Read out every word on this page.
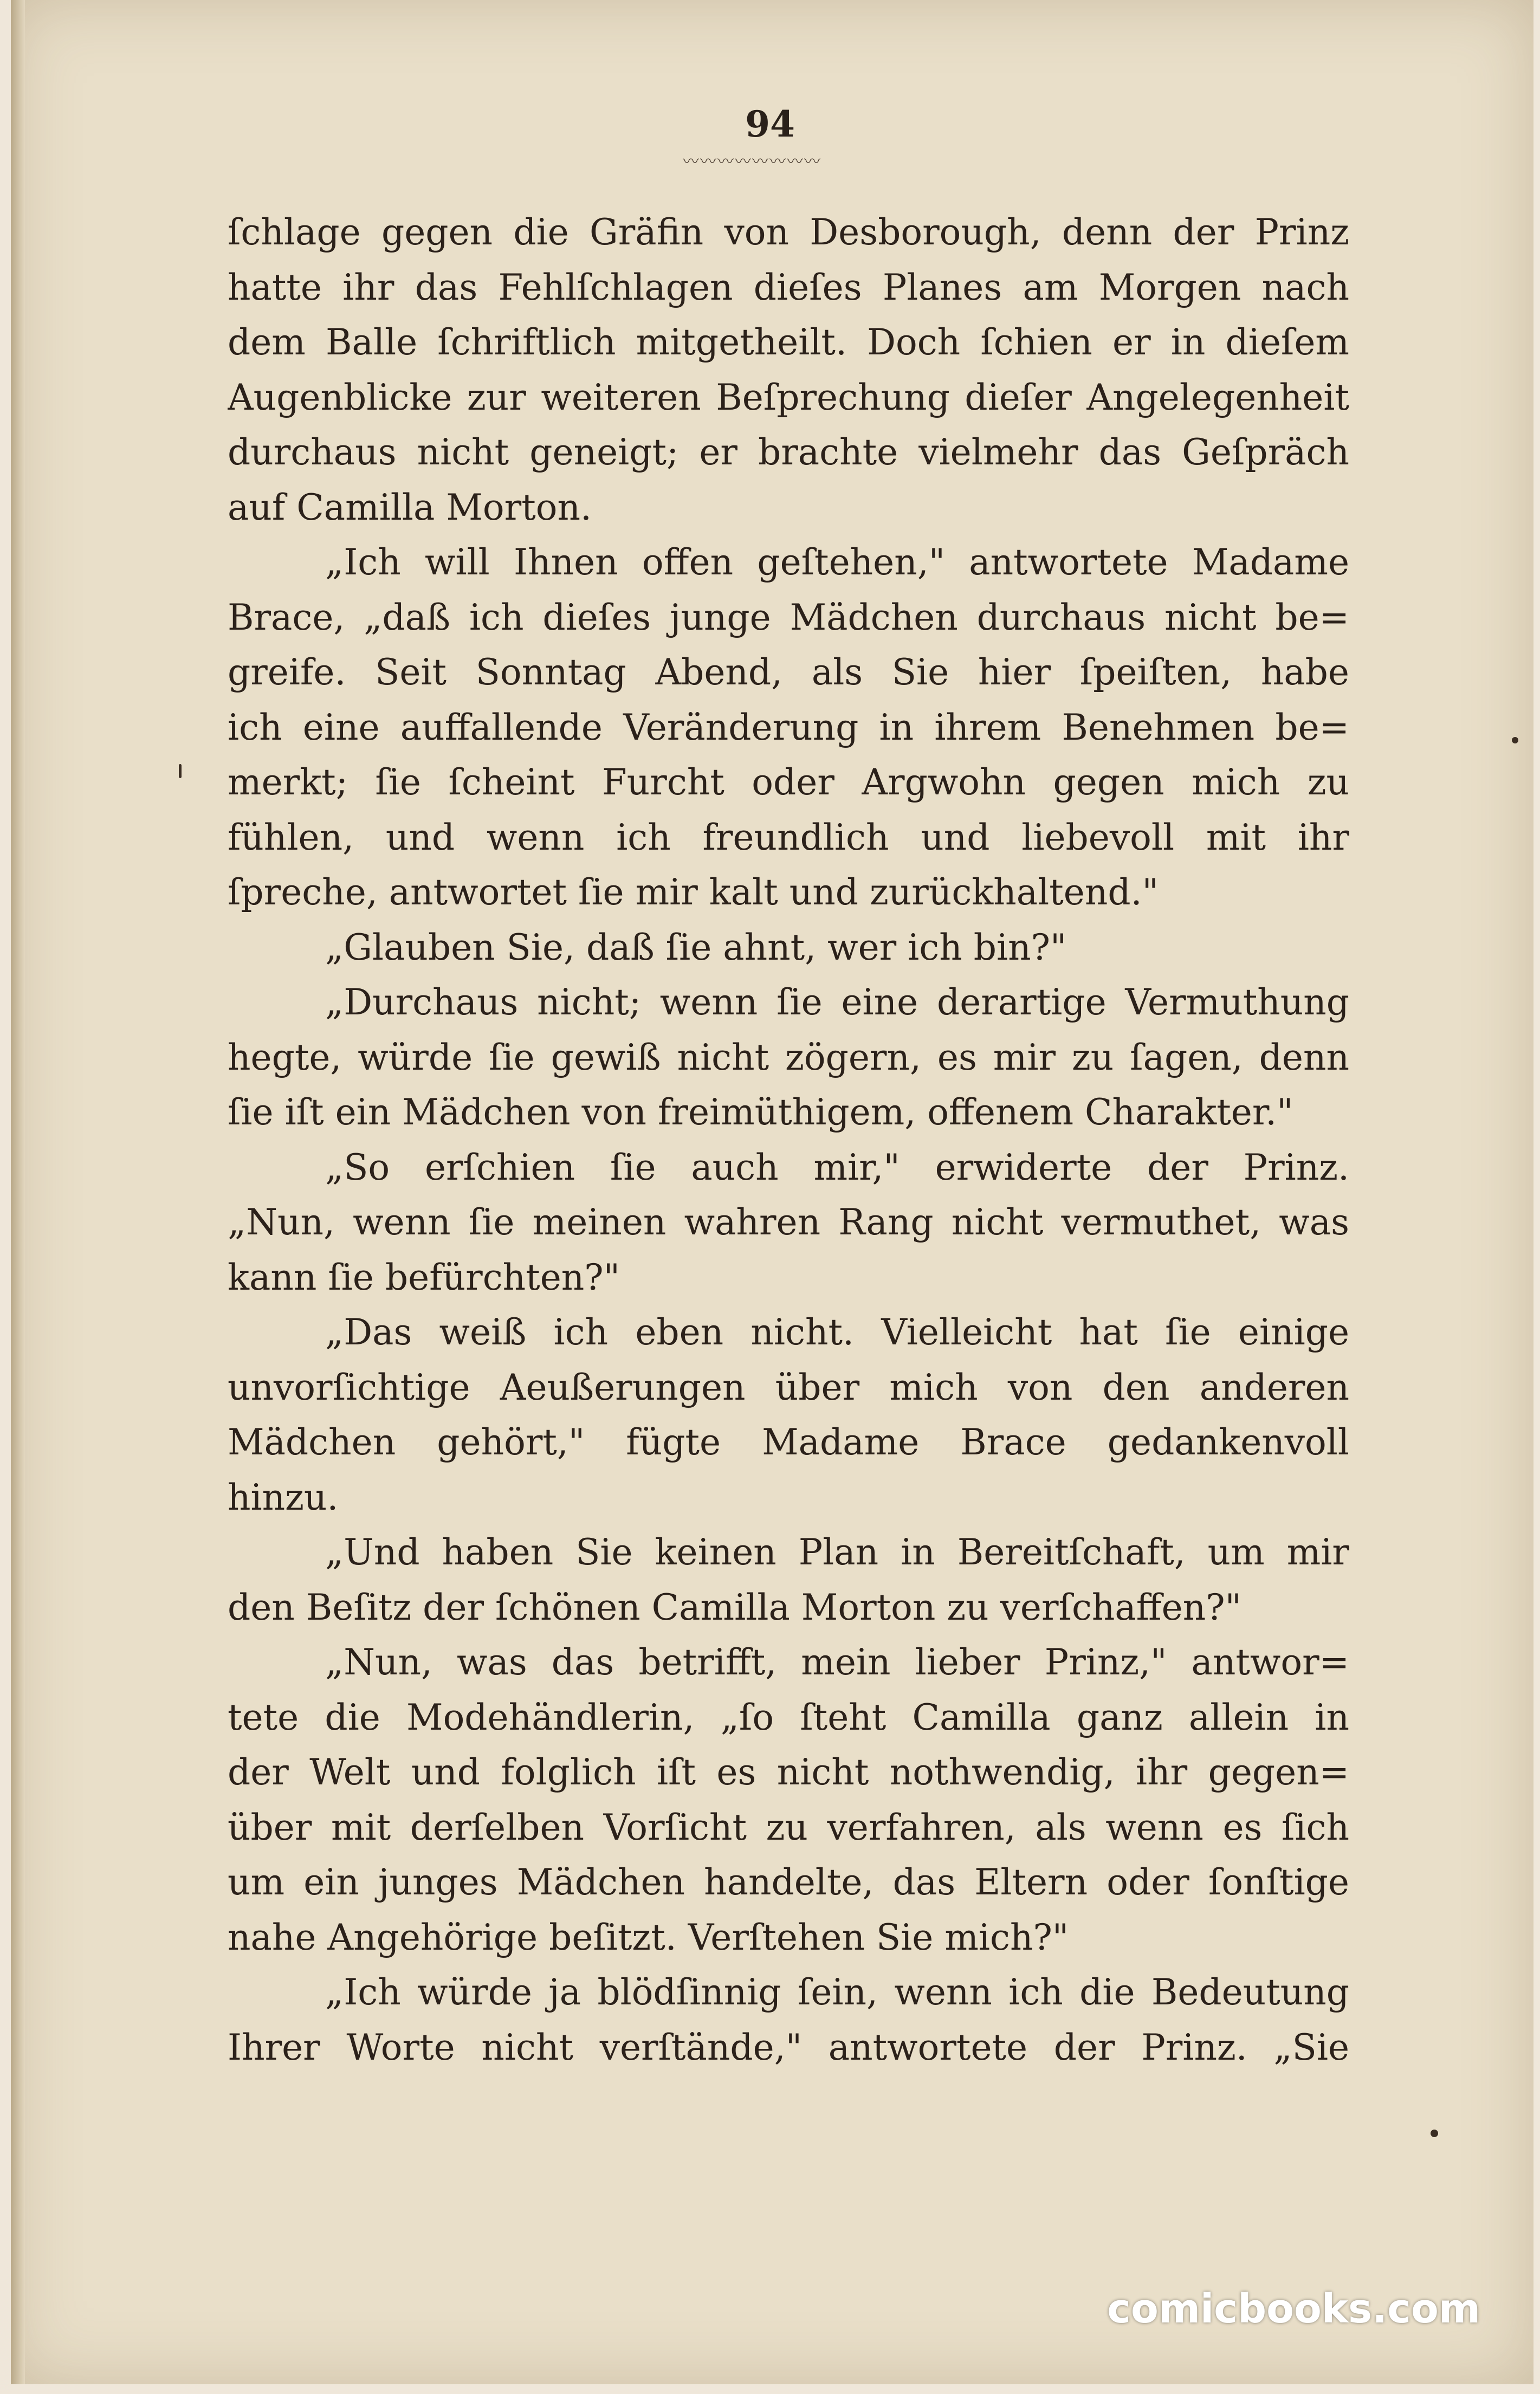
94
〰〰〰〰〰〰〰〰
ſchlage gegen die Gräfin von Desborough, denn der Prinz
hatte ihr das Fehlſchlagen dieſes Planes am Morgen nach
dem Balle ſchriftlich mitgetheilt. Doch ſchien er in dieſem
Augenblicke zur weiteren Beſprechung dieſer Angelegenheit
durchaus nicht geneigt; er brachte vielmehr das Geſpräch
auf Camilla Morton.
„Ich will Ihnen offen geſtehen," antwortete Madame
Brace, „daß ich dieſes junge Mädchen durchaus nicht be=
greife. Seit Sonntag Abend, als Sie hier ſpeiſten, habe
ich eine auffallende Veränderung in ihrem Benehmen be=
merkt; ſie ſcheint Furcht oder Argwohn gegen mich zu
fühlen, und wenn ich freundlich und liebevoll mit ihr
ſpreche, antwortet ſie mir kalt und zurückhaltend."
„Glauben Sie, daß ſie ahnt, wer ich bin?"
„Durchaus nicht; wenn ſie eine derartige Vermuthung
hegte, würde ſie gewiß nicht zögern, es mir zu ſagen, denn
ſie iſt ein Mädchen von freimüthigem, offenem Charakter."
„So erſchien ſie auch mir," erwiderte der Prinz.
„Nun, wenn ſie meinen wahren Rang nicht vermuthet, was
kann ſie befürchten?"
„Das weiß ich eben nicht. Vielleicht hat ſie einige
unvorſichtige Aeußerungen über mich von den anderen
Mädchen gehört," fügte Madame Brace gedankenvoll
hinzu.
„Und haben Sie keinen Plan in Bereitſchaft, um mir
den Beſitz der ſchönen Camilla Morton zu verſchaffen?"
„Nun, was das betrifft, mein lieber Prinz," antwor=
tete die Modehändlerin, „ſo ſteht Camilla ganz allein in
der Welt und folglich iſt es nicht nothwendig, ihr gegen=
über mit derſelben Vorſicht zu verfahren, als wenn es ſich
um ein junges Mädchen handelte, das Eltern oder ſonſtige
nahe Angehörige beſitzt. Verſtehen Sie mich?"
„Ich würde ja blödſinnig ſein, wenn ich die Bedeutung
Ihrer Worte nicht verſtände," antwortete der Prinz. „Sie
comicbooks.com
